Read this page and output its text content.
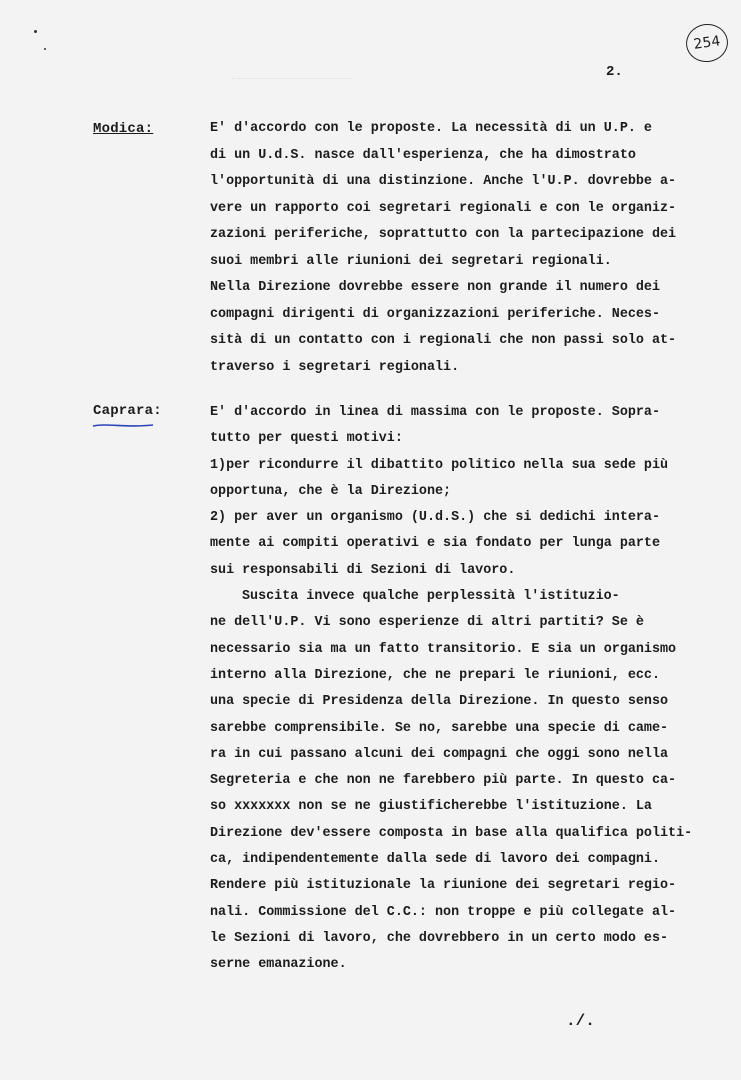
254
2.
Modica:	E' d'accordo con le proposte. La necessità di un U.P. e
di un U.d.S. nasce dall'esperienza, che ha dimostrato
l'opportunità di una distinzione. Anche l'U.P. dovrebbe a-
vere un rapporto coi segretari regionali e con le organiz-
zazioni periferiche, soprattutto con la partecipazione dei
suoi membri alle riunioni dei segretari regionali.
Nella Direzione dovrebbe essere non grande il numero dei
compagni dirigenti di organizzazioni periferiche. Neces-
sità di un contatto con i regionali che non passi solo at-
traverso i segretari regionali.
Caprara:	E' d'accordo in linea di massima con le proposte. Sopra-
tutto per questi motivi:
1)per ricondurre il dibattito politico nella sua sede più
opportuna, che è la Direzione;
2) per aver un organismo (U.d.S.) che si dedichi intera-
mente ai compiti operativi e sia fondato per lunga parte
sui responsabili di Sezioni di lavoro.
Suscita invece qualche perplessità l'istituzio-
ne dell'U.P. Vi sono esperienze di altri partiti? Se è
necessario sia ma un fatto transitorio. E sia un organismo
interno alla Direzione, che ne prepari le riunioni, ecc.
una specie di Presidenza della Direzione. In questo senso
sarebbe comprensibile. Se no, sarebbe una specie di came-
ra in cui passano alcuni dei compagni che oggi sono nella
Segreteria e che non ne farebbero più parte. In questo ca-
so xxxxxxx non se ne giustificherebbe l'istituzione. La
Direzione dev'essere composta in base alla qualifica politi-
ca, indipendentemente dalla sede di lavoro dei compagni.
Rendere più istituzionale la riunione dei segretari regio-
nali. Commissione del C.C.: non troppe e più collegate al-
le Sezioni di lavoro, che dovrebbero in un certo modo es-
serne emanazione.
./.
